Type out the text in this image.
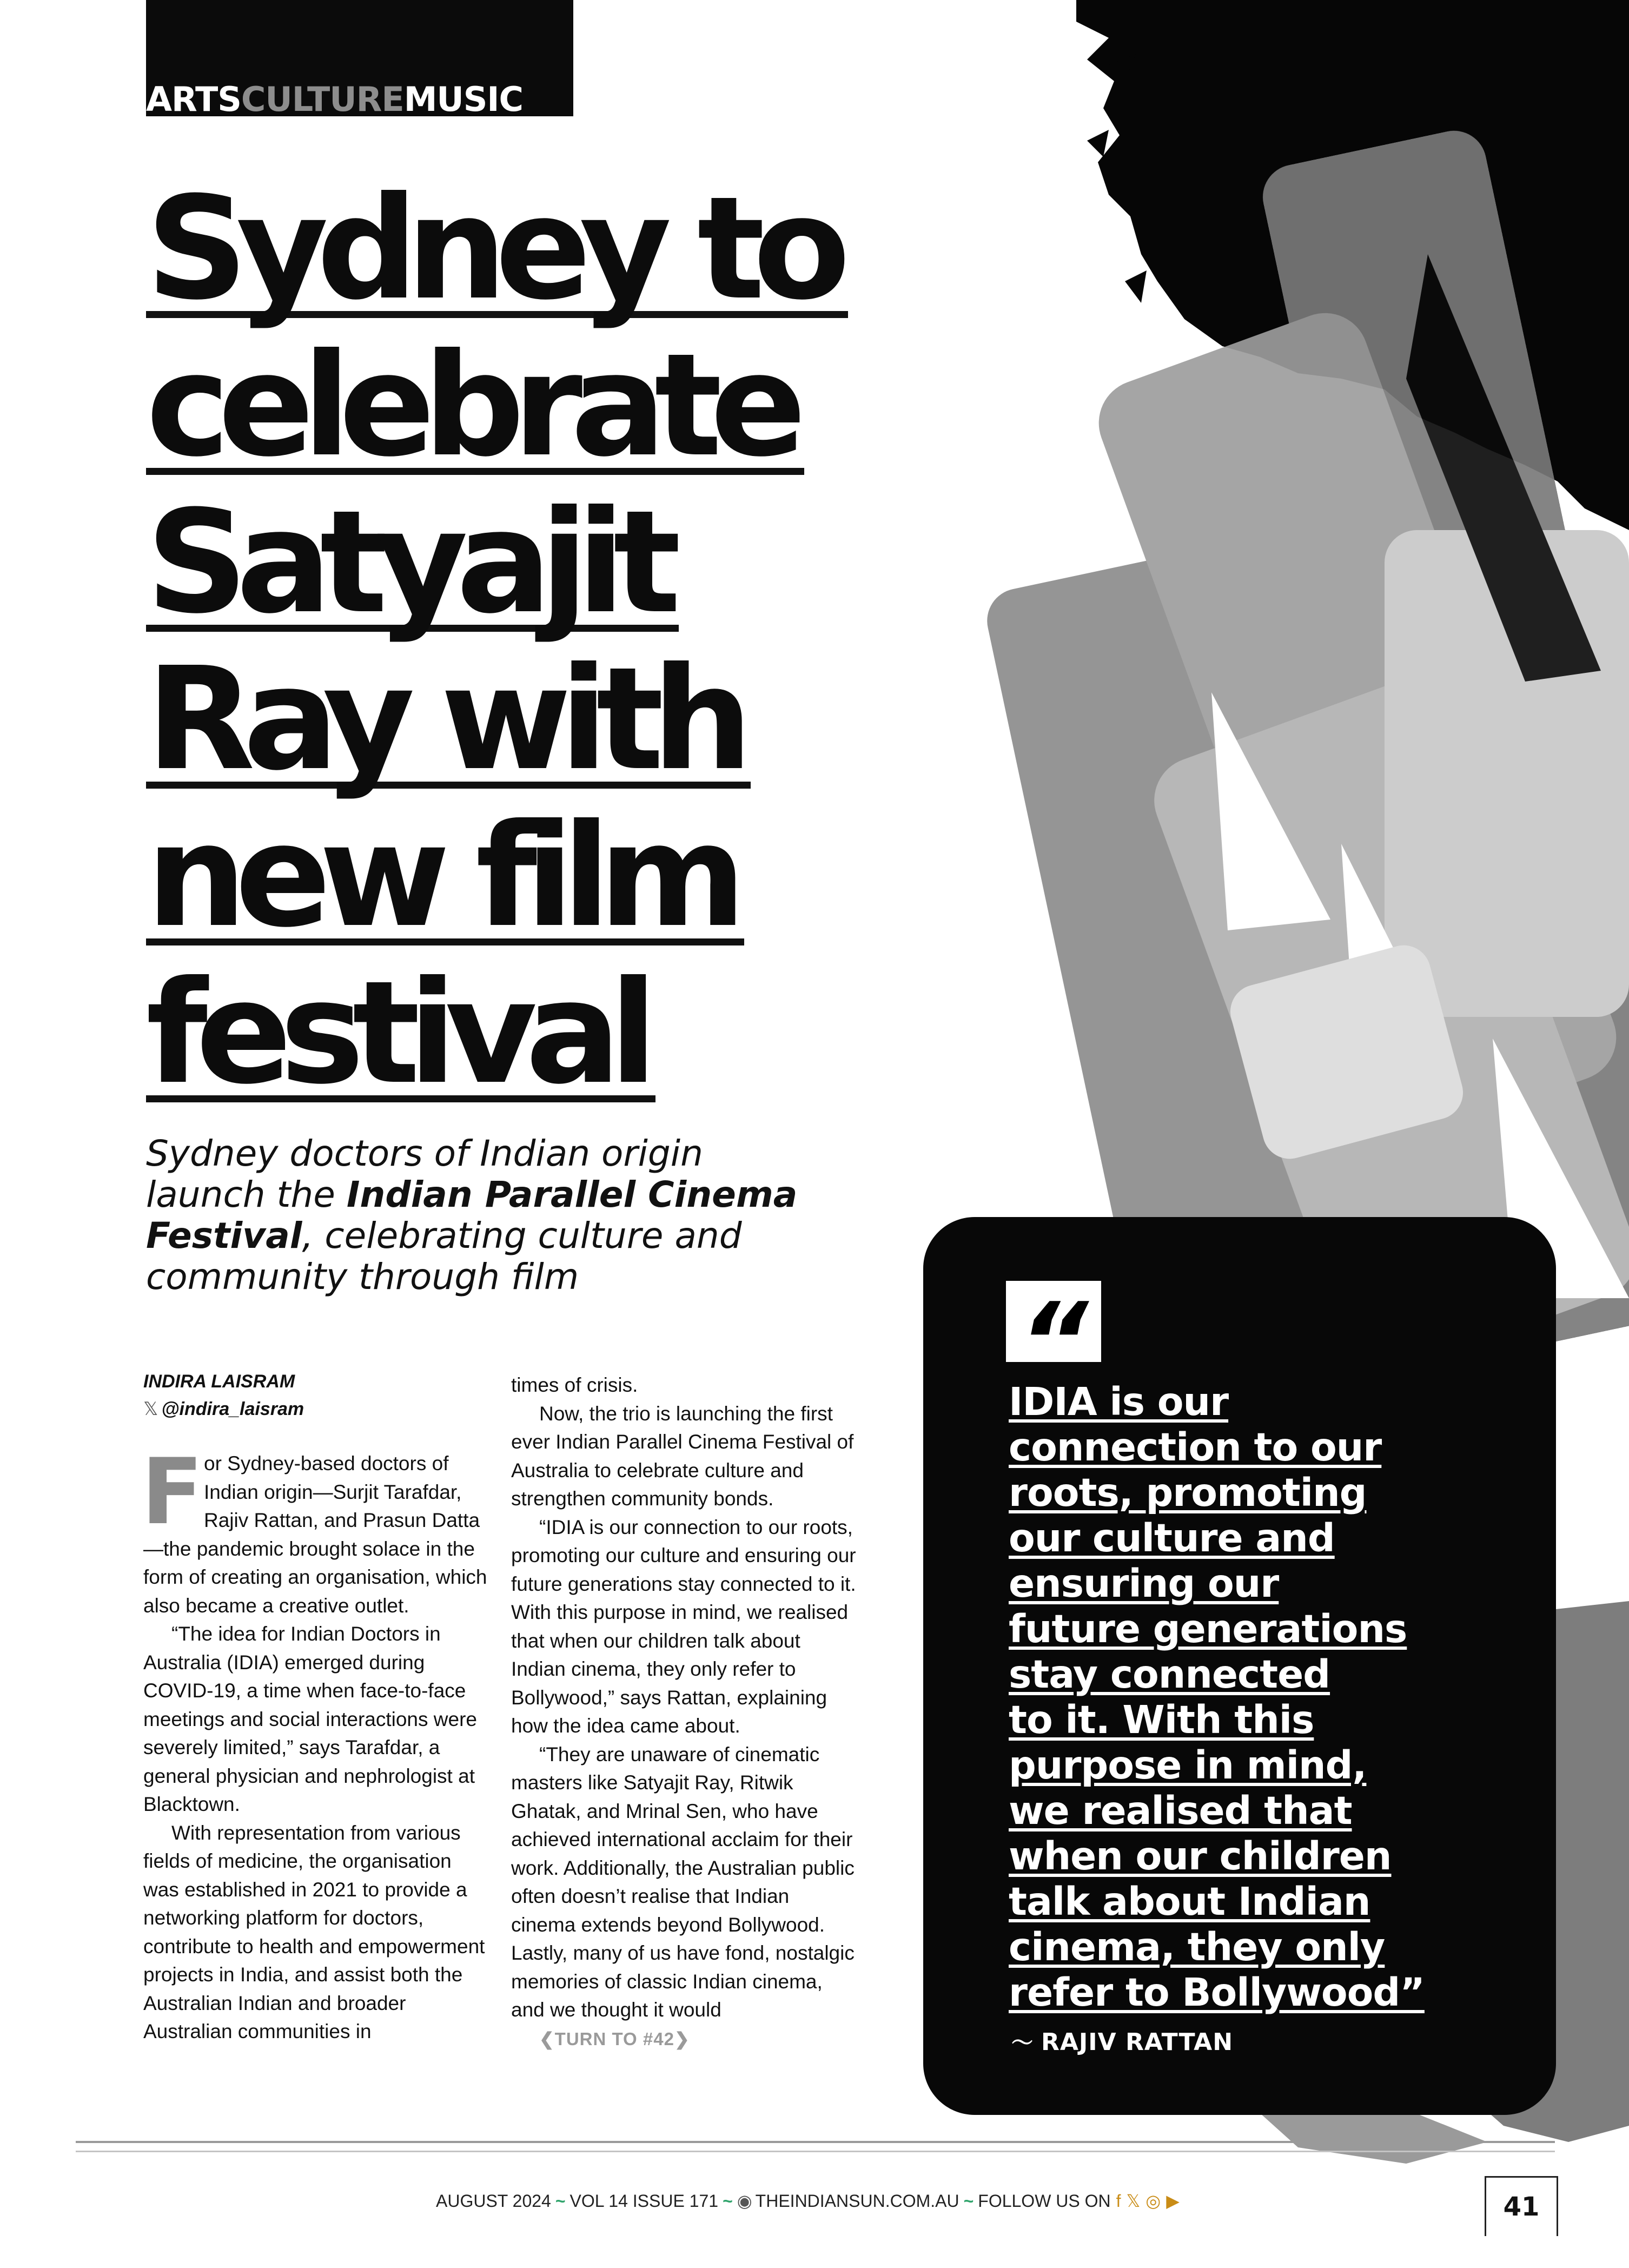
ARTSCULTUREMUSIC
Sydney to
celebrate
Satyajit
Ray with
new film
festival
Sydney doctors of Indian origin launch the Indian Parallel Cinema Festival, celebrating culture and community through film
INDIRA LAISRAM
𝕏 @indira_laisram
F or Sydney-based doctors of Indian origin—Surjit Tarafdar, Rajiv Rattan, and Prasun Datta—the pandemic brought solace in the form of creating an organisation, which also became a creative outlet.

“The idea for Indian Doctors in Australia (IDIA) emerged during COVID-19, a time when face-to-face meetings and social interactions were severely limited,” says Tarafdar, a general physician and nephrologist at Blacktown.

With representation from various fields of medicine, the organisation was established in 2021 to provide a networking platform for doctors, contribute to health and empowerment projects in India, and assist both the Australian Indian and broader Australian communities in

times of crisis.

Now, the trio is launching the first ever Indian Parallel Cinema Festival of Australia to celebrate culture and strengthen community bonds.

“IDIA is our connection to our roots, promoting our culture and ensuring our future generations stay connected to it. With this purpose in mind, we realised that when our children talk about Indian cinema, they only refer to Bollywood,” says Rattan, explaining how the idea came about.

“They are unaware of cinematic masters like Satyajit Ray, Ritwik Ghatak, and Mrinal Sen, who have achieved international acclaim for their work. Additionally, the Australian public often doesn’t realise that Indian cinema extends beyond Bollywood. Lastly, many of us have fond, nostalgic memories of classic Indian cinema, and we thought it would ❮TURN TO #42❯

“
IDIA is our
connection to our
roots, promoting
our culture and
ensuring our
future generations
stay connected
to it. With this
purpose in mind,
we realised that
when our children
talk about Indian
cinema, they only
refer to Bollywood”
〜 RAJIV RATTAN
AUGUST 2024 ~ VOL 14 ISSUE 171 ~ ◉ THEINDIANSUN.COM.AU ~ FOLLOW US ON f 𝕏 ◎ ▶	41
